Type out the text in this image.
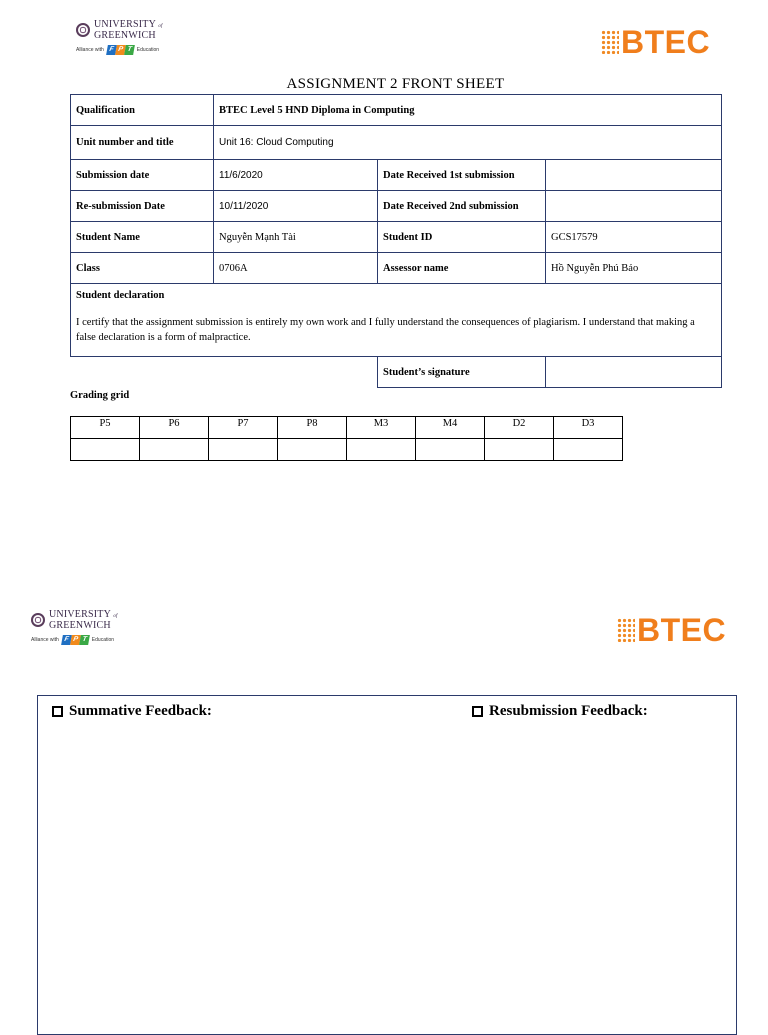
UNIVERSITY of
GREENWICH
Alliance with F P T Education	BTEC
ASSIGNMENT 2 FRONT SHEET
Qualification	BTEC Level 5 HND Diploma in Computing		
Unit number and title	Unit 16: Cloud Computing		
Submission date	11/6/2020	Date Received 1st submission	
Re-submission Date	10/11/2020	Date Received 2nd submission	
Student Name	Nguyễn Mạnh Tài	Student ID	GCS17579
Class	0706A	Assessor name	Hồ Nguyễn Phú Bảo

Student declaration
I certify that the assignment submission is entirely my own work and I fully understand the consequences of plagiarism. I understand that making a false declaration is a form of malpractice.			

		Student’s signature	
Grading grid
P5	P6	P7	P8	M3	M4	D2	D3

UNIVERSITY of
GREENWICH
Alliance with F P T Education	BTEC
Summative Feedback:	Resubmission Feedback:
